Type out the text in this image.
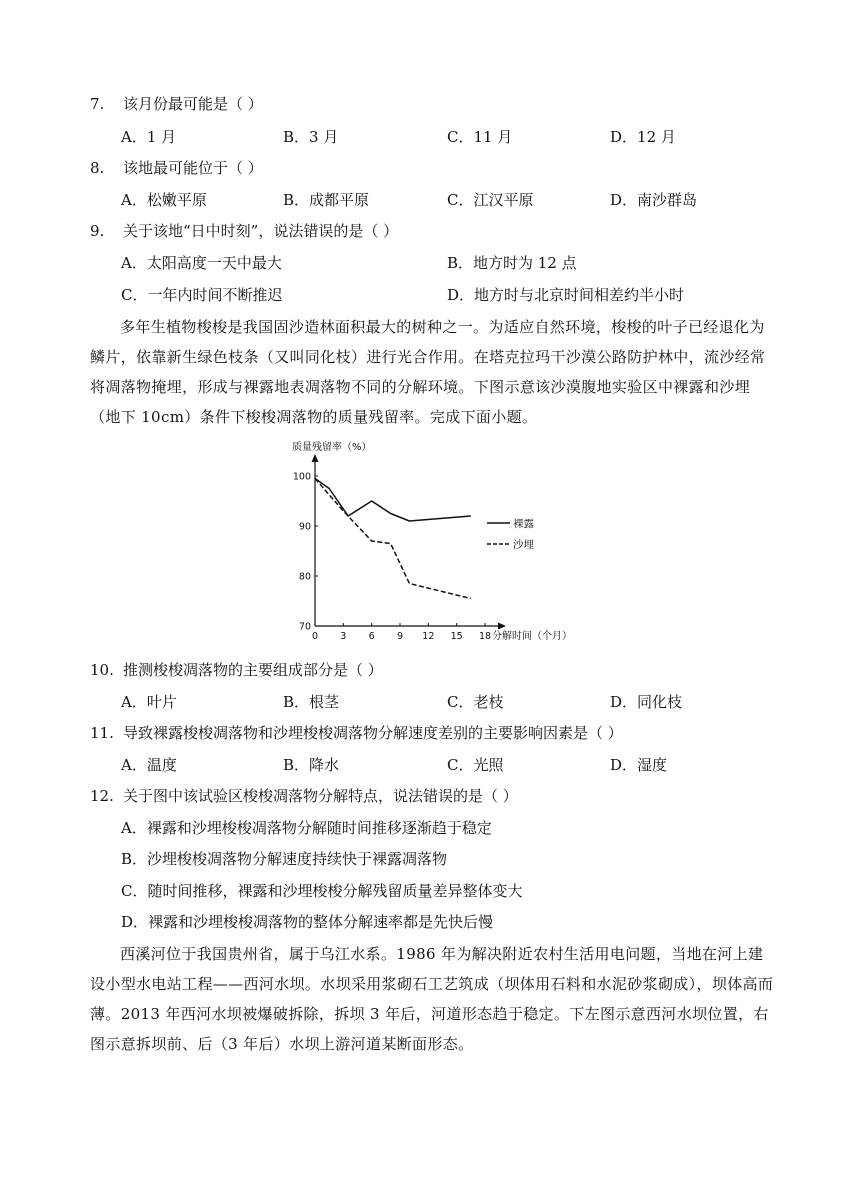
7. 该月份最可能是（ ）
A．1 月	B．3 月	C．11 月	D．12 月
8. 该地最可能位于（ ）
A．松嫩平原	B．成都平原	C．江汉平原	D．南沙群岛
9. 关于该地“日中时刻”，说法错误的是（ ）
A．太阳高度一天中最大	B．地方时为 12 点
C．一年内时间不断推迟	D．地方时与北京时间相差约半小时

多年生植物梭梭是我国固沙造林面积最大的树种之一。为适应自然环境，梭梭的叶子已经退化为鳞片，依靠新生绿色枝条（又叫同化枝）进行光合作用。在塔克拉玛干沙漠公路防护林中，流沙经常将凋落物掩埋，形成与裸露地表凋落物不同的分解环境。下图示意该沙漠腹地实验区中裸露和沙埋（地下 10cm）条件下梭梭凋落物的质量残留率。完成下面小题。

质量残留率（%）
0 3 6 9 12 15 18
70
80
90
100
裸露
沙埋
分解时间（个月）
10. 推测梭梭凋落物的主要组成部分是（ ）
A．叶片	B．根茎	C．老枝	D．同化枝
11. 导致裸露梭梭凋落物和沙埋梭梭凋落物分解速度差别的主要影响因素是（ ）
A．温度	B．降水	C．光照	D．湿度
12. 关于图中该试验区梭梭凋落物分解特点，说法错误的是（ ）
A．裸露和沙埋梭梭凋落物分解随时间推移逐渐趋于稳定
B．沙埋梭梭凋落物分解速度持续快于裸露凋落物
C．随时间推移，裸露和沙埋梭梭分解残留质量差异整体变大
D．裸露和沙埋梭梭凋落物的整体分解速率都是先快后慢

西溪河位于我国贵州省，属于乌江水系。1986 年为解决附近农村生活用电问题，当地在河上建设小型水电站工程——西河水坝。水坝采用浆砌石工艺筑成（坝体用石料和水泥砂浆砌成），坝体高而薄。2013 年西河水坝被爆破拆除，拆坝 3 年后，河道形态趋于稳定。下左图示意西河水坝位置，右图示意拆坝前、后（3 年后）水坝上游河道某断面形态。
